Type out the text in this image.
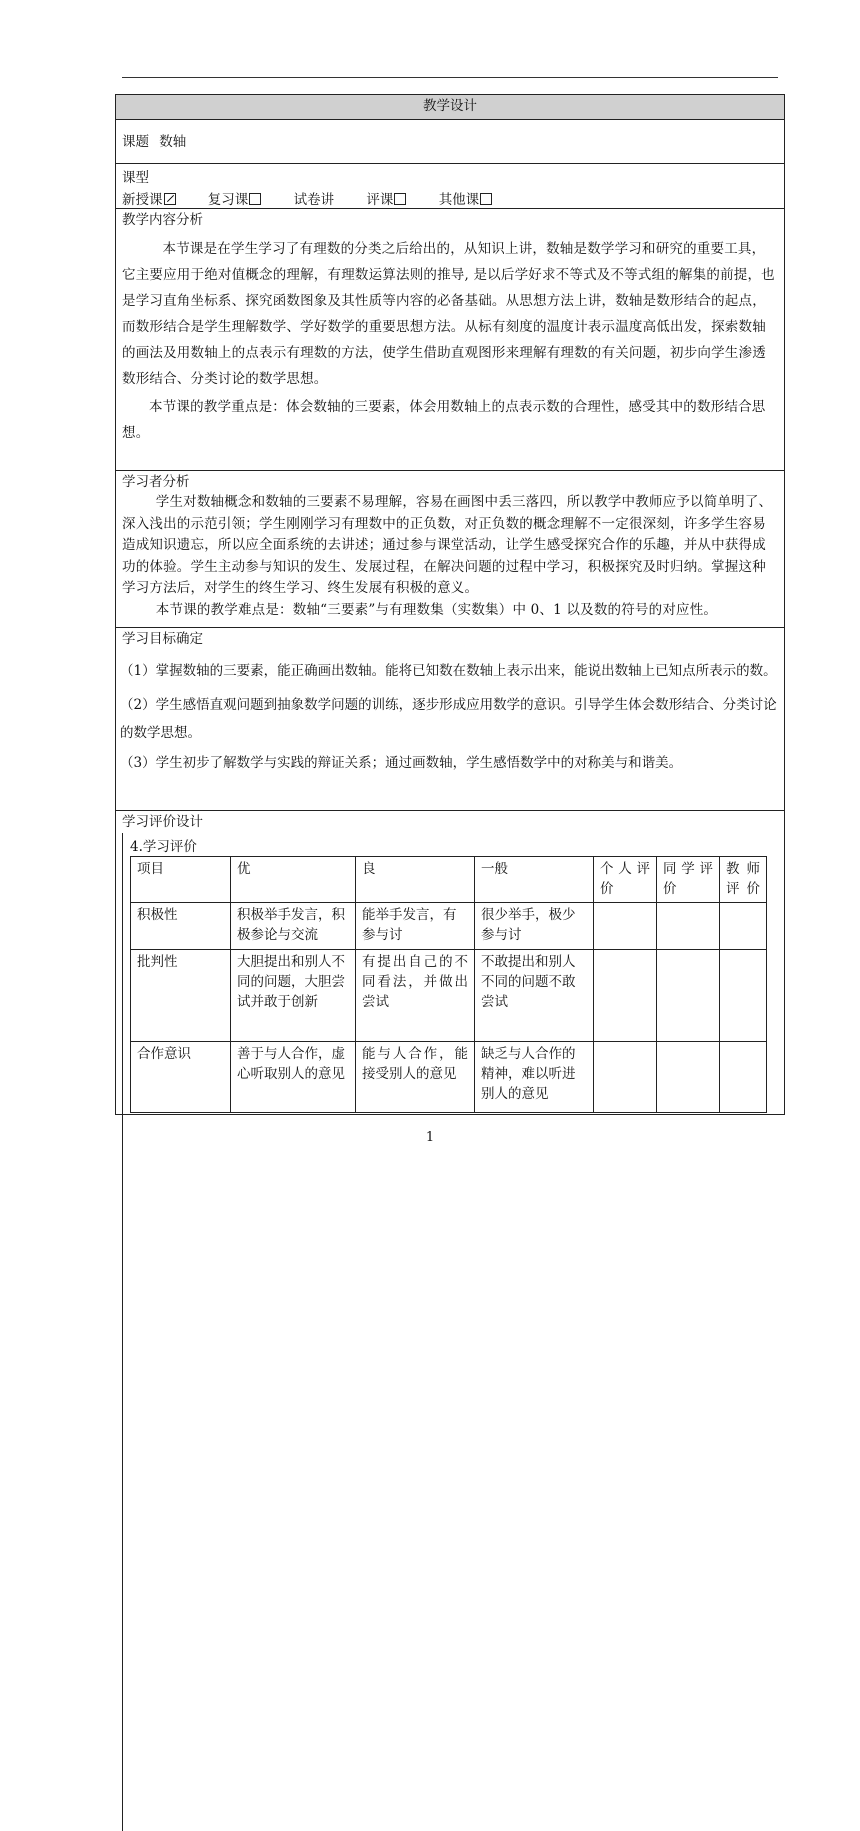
教学设计
课题 数轴
课型
新授课	复习课	试卷讲 评课	其他课
教学内容分析

本节课是在学生学习了有理数的分类之后给出的，从知识上讲，数轴是数学学习和研究的重要工具，它主要应用于绝对值概念的理解，有理数运算法则的推导, 是以后学好求不等式及不等式组的解集的前提，也是学习直角坐标系、探究函数图象及其性质等内容的必备基础。从思想方法上讲，数轴是数形结合的起点，而数形结合是学生理解数学、学好数学的重要思想方法。从标有刻度的温度计表示温度高低出发，探索数轴的画法及用数轴上的点表示有理数的方法，使学生借助直观图形来理解有理数的有关问题，初步向学生渗透数形结合、分类讨论的数学思想。

本节课的教学重点是：体会数轴的三要素，体会用数轴上的点表示数的合理性，感受其中的数形结合思想。

学习者分析

学生对数轴概念和数轴的三要素不易理解，容易在画图中丢三落四，所以教学中教师应予以简单明了、深入浅出的示范引领；学生刚刚学习有理数中的正负数，对正负数的概念理解不一定很深刻，许多学生容易造成知识遗忘，所以应全面系统的去讲述；通过参与课堂活动，让学生感受探究合作的乐趣，并从中获得成功的体验。学生主动参与知识的发生、发展过程，在解决问题的过程中学习，积极探究及时归纳。掌握这种学习方法后，对学生的终生学习、终生发展有积极的意义。

本节课的教学难点是：数轴“三要素”与有理数集（实数集）中 0、1 以及数的符号的对应性。

学习目标确定

（1）掌握数轴的三要素，能正确画出数轴。能将已知数在数轴上表示出来，能说出数轴上已知点所表示的数。

（2）学生感悟直观问题到抽象数学问题的训练，逐步形成应用数学的意识。引导学生体会数形结合、分类讨论的数学思想。

（3）学生初步了解数学与实践的辩证关系；通过画数轴，学生感悟数学中的对称美与和谐美。

学习评价设计
4.学习评价
项目	优	良	一般	个人评价	同学评价	教师评价
积极性	积极举手发言，积极参论与交流	能举手发言，有参与讨	很少举手，极少参与讨			
批判性	大胆提出和别人不同的问题，大胆尝试并敢于创新	有提出自己的不同看法，并做出尝试	不敢提出和别人不同的问题不敢尝试			
合作意识	善于与人合作，虚心听取别人的意见	能与人合作，能接受别人的意见	缺乏与人合作的精神，难以听进别人的意见			
1
